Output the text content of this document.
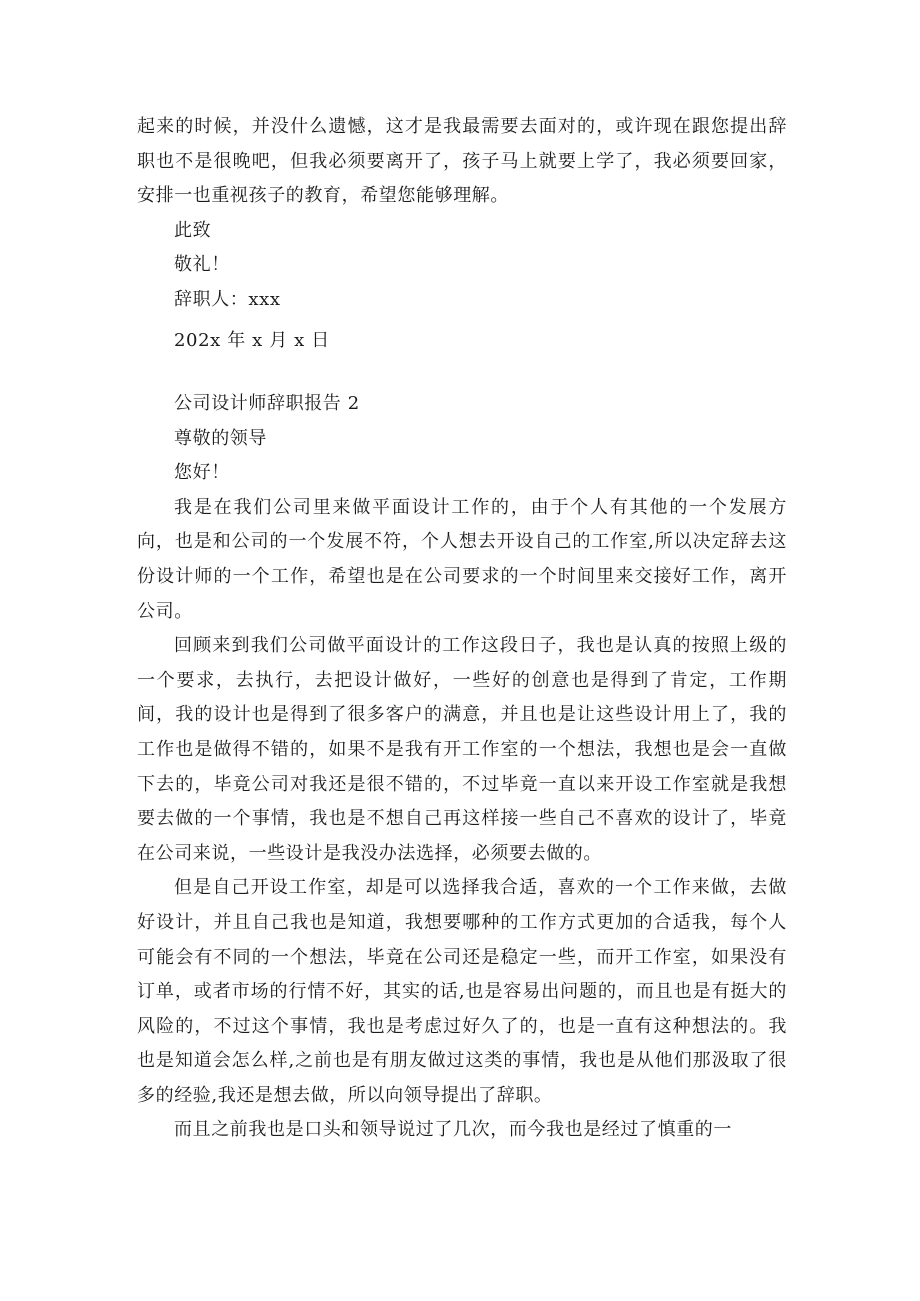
起来的时候，并没什么遗憾，这才是我最需要去面对的，或许现在跟您提出辞职也不是很晚吧，但我必须要离开了，孩子马上就要上学了，我必须要回家，安排一也重视孩子的教育，希望您能够理解。

此致

敬礼！

辞职人：xxx

202x 年 x 月 x 日

公司设计师辞职报告 2

尊敬的领导

您好！

我是在我们公司里来做平面设计工作的，由于个人有其他的一个发展方向，也是和公司的一个发展不符，个人想去开设自己的工作室,所以决定辞去这份设计师的一个工作，希望也是在公司要求的一个时间里来交接好工作，离开公司。

回顾来到我们公司做平面设计的工作这段日子，我也是认真的按照上级的一个要求，去执行，去把设计做好，一些好的创意也是得到了肯定，工作期间，我的设计也是得到了很多客户的满意，并且也是让这些设计用上了，我的工作也是做得不错的，如果不是我有开工作室的一个想法，我想也是会一直做下去的，毕竟公司对我还是很不错的，不过毕竟一直以来开设工作室就是我想要去做的一个事情，我也是不想自己再这样接一些自己不喜欢的设计了，毕竟在公司来说，一些设计是我没办法选择，必须要去做的。

但是自己开设工作室，却是可以选择我合适，喜欢的一个工作来做，去做好设计，并且自己我也是知道，我想要哪种的工作方式更加的合适我，每个人可能会有不同的一个想法，毕竟在公司还是稳定一些，而开工作室，如果没有订单，或者市场的行情不好，其实的话,也是容易出问题的，而且也是有挺大的风险的，不过这个事情，我也是考虑过好久了的，也是一直有这种想法的。我也是知道会怎么样,之前也是有朋友做过这类的事情，我也是从他们那汲取了很多的经验,我还是想去做，所以向领导提出了辞职。

而且之前我也是口头和领导说过了几次，而今我也是经过了慎重的一
